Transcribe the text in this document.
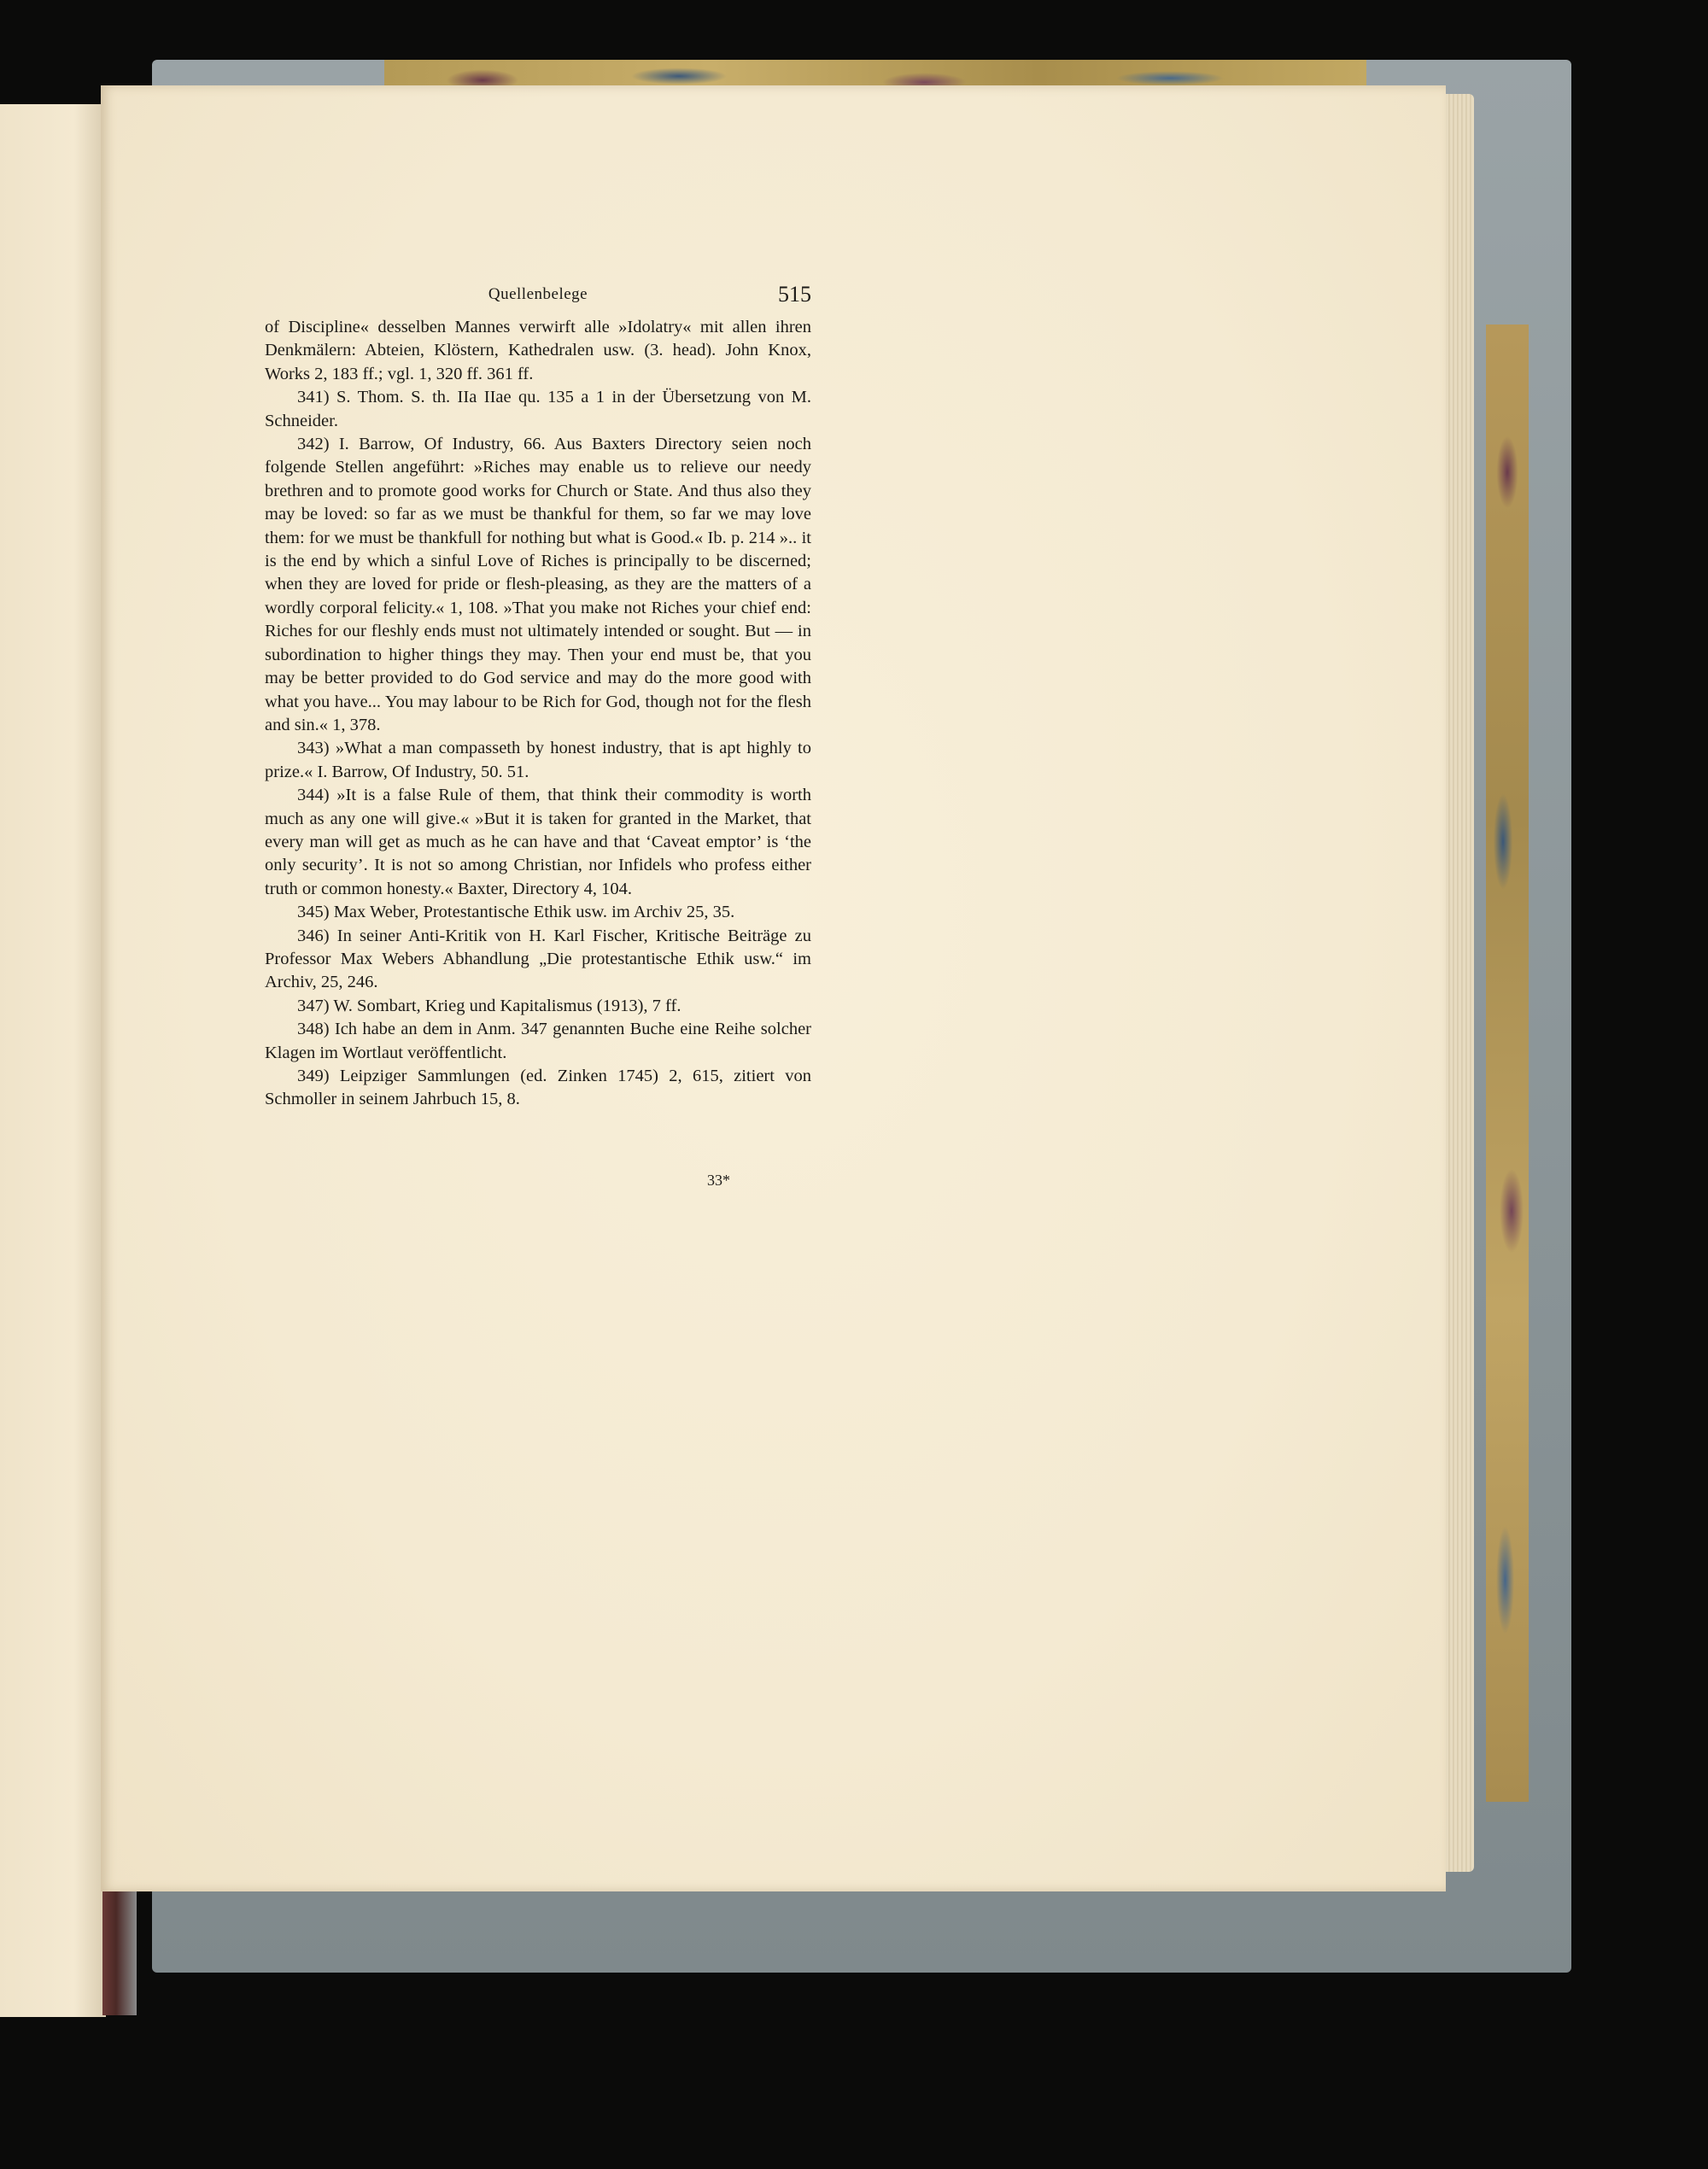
Quellenbelege	515

of Discipline« desselben Mannes verwirft alle »Idolatry« mit allen ihren Denkmälern: Abteien, Klöstern, Kathedralen usw. (3. head). John Knox, Works 2, 183 ff.; vgl. 1, 320 ff. 361 ff.

341) S. Thom. S. th. IIa IIae qu. 135 a 1 in der Übersetzung von M. Schneider.

342) I. Barrow, Of Industry, 66. Aus Baxters Directory seien noch folgende Stellen angeführt: »Riches may enable us to relieve our needy brethren and to promote good works for Church or State. And thus also they may be loved: so far as we must be thankful for them, so far we may love them: for we must be thankfull for nothing but what is Good.« Ib. p. 214 ».. it is the end by which a sinful Love of Riches is principally to be discerned; when they are loved for pride or flesh-pleasing, as they are the matters of a wordly corporal felicity.« 1, 108. »That you make not Riches your chief end: Riches for our fleshly ends must not ultimately intended or sought. But — in subordination to higher things they may. Then your end must be, that you may be better provided to do God service and may do the more good with what you have... You may labour to be Rich for God, though not for the flesh and sin.« 1, 378.

343) »What a man compasseth by honest industry, that is apt highly to prize.« I. Barrow, Of Industry, 50. 51.

344) »It is a false Rule of them, that think their commodity is worth much as any one will give.« »But it is taken for granted in the Market, that every man will get as much as he can have and that ‘Caveat emptor’ is ‘the only security’. It is not so among Christian, nor Infidels who profess either truth or common honesty.« Baxter, Directory 4, 104.

345) Max Weber, Protestantische Ethik usw. im Archiv 25, 35.

346) In seiner Anti-Kritik von H. Karl Fischer, Kritische Beiträge zu Professor Max Webers Abhandlung „Die protestantische Ethik usw.“ im Archiv, 25, 246.

347) W. Sombart, Krieg und Kapitalismus (1913), 7 ff.

348) Ich habe an dem in Anm. 347 genannten Buche eine Reihe solcher Klagen im Wortlaut veröffentlicht.

349) Leipziger Sammlungen (ed. Zinken 1745) 2, 615, zitiert von Schmoller in seinem Jahrbuch 15, 8.

33*
